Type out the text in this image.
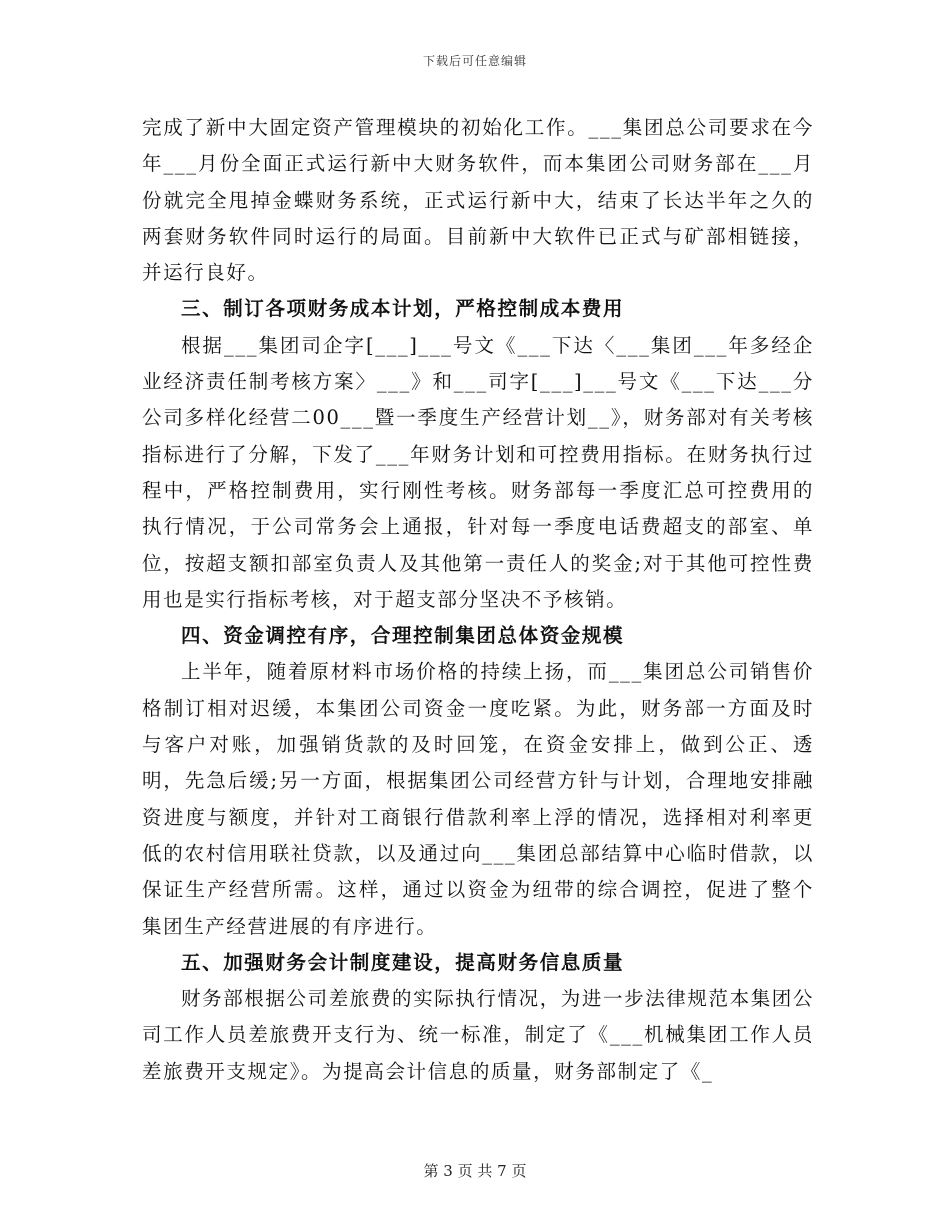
下载后可任意编辑

完成了新中大固定资产管理模块的初始化工作。___集团总公司要求在今年___月份全面正式运行新中大财务软件，而本集团公司财务部在___月份就完全甩掉金蝶财务系统，正式运行新中大，结束了长达半年之久的两套财务软件同时运行的局面。目前新中大软件已正式与矿部相链接，并运行良好。

三、制订各项财务成本计划，严格控制成本费用

根据___集团司企字[___]___号文《___下达〈___集团___年多经企业经济责任制考核方案〉___》和___司字[___]___号文《___下达___分公司多样化经营二00___暨一季度生产经营计划__》，财务部对有关考核指标进行了分解，下发了___年财务计划和可控费用指标。在财务执行过程中，严格控制费用，实行刚性考核。财务部每一季度汇总可控费用的执行情况，于公司常务会上通报，针对每一季度电话费超支的部室、单位，按超支额扣部室负责人及其他第一责任人的奖金;对于其他可控性费用也是实行指标考核，对于超支部分坚决不予核销。

四、资金调控有序，合理控制集团总体资金规模

上半年，随着原材料市场价格的持续上扬，而___集团总公司销售价格制订相对迟缓，本集团公司资金一度吃紧。为此，财务部一方面及时与客户对账，加强销货款的及时回笼，在资金安排上，做到公正、透明，先急后缓;另一方面，根据集团公司经营方针与计划，合理地安排融资进度与额度，并针对工商银行借款利率上浮的情况，选择相对利率更低的农村信用联社贷款，以及通过向___集团总部结算中心临时借款，以保证生产经营所需。这样，通过以资金为纽带的综合调控，促进了整个集团生产经营进展的有序进行。

五、加强财务会计制度建设，提高财务信息质量

财务部根据公司差旅费的实际执行情况，为进一步法律规范本集团公司工作人员差旅费开支行为、统一标准，制定了《___机械集团工作人员差旅费开支规定》。为提高会计信息的质量，财务部制定了《_

第 3 页 共 7 页
